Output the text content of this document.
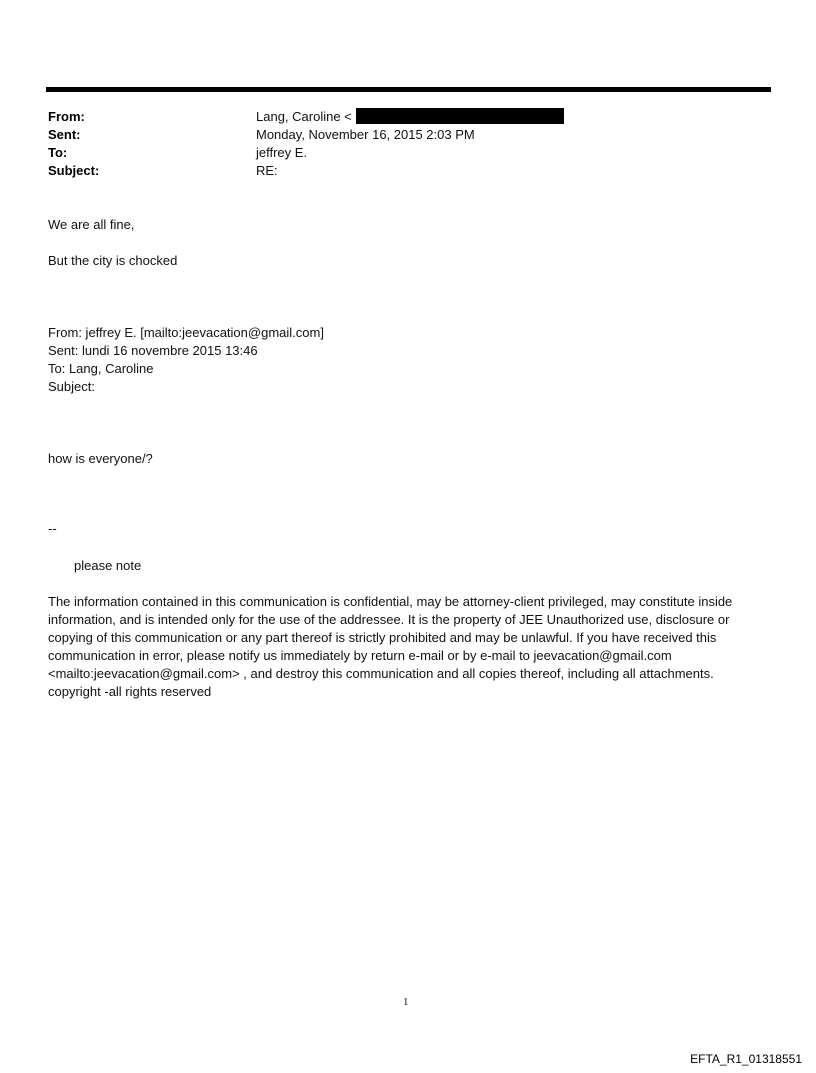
From:	Lang, Caroline <
Sent:	Monday, November 16, 2015 2:03 PM
To:	jeffrey E.
Subject:	RE:
We are all fine,
But the city is chocked
From: jeffrey E. [mailto:jeevacation@gmail.com]
Sent: lundi 16 novembre 2015 13:46
To: Lang, Caroline
Subject:
how is everyone/?
--
please note
The information contained in this communication is confidential, may be attorney-client privileged, may constitute inside information, and is intended only for the use of the addressee. It is the property of JEE Unauthorized use, disclosure or copying of this communication or any part thereof is strictly prohibited and may be unlawful. If you have received this communication in error, please notify us immediately by return e-mail or by e-mail to jeevacation@gmail.com <mailto:jeevacation@gmail.com> , and destroy this communication and all copies thereof, including all attachments. copyright -all rights reserved
1
EFTA_R1_01318551
